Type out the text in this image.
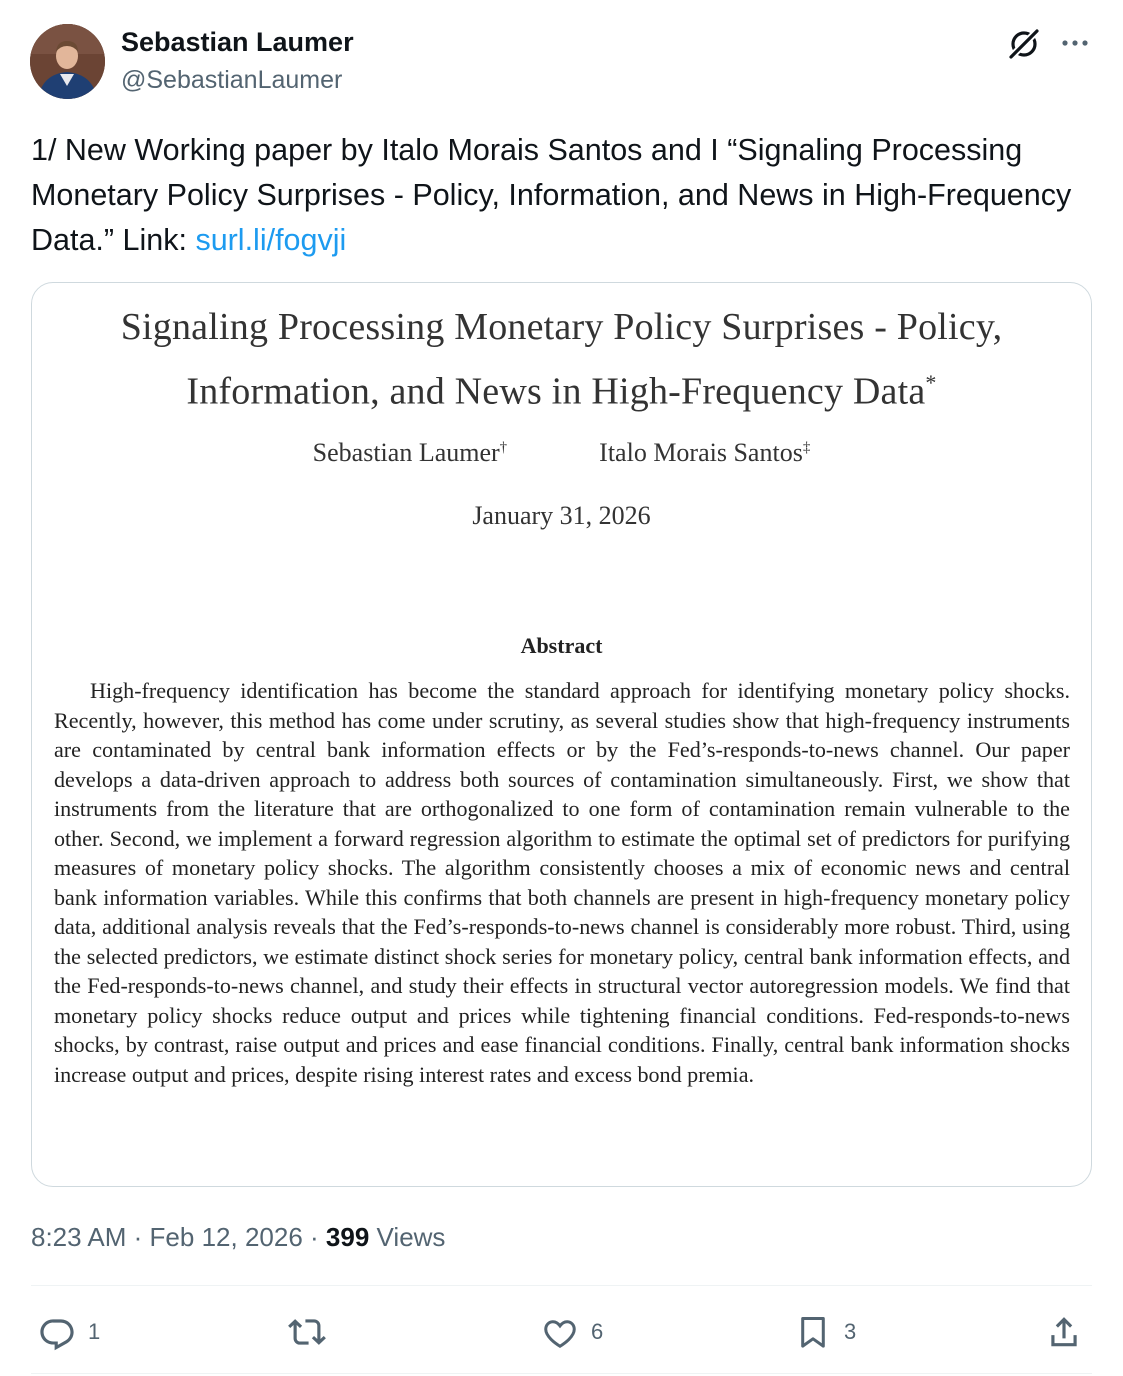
Sebastian Laumer
@SebastianLaumer
1/ New Working paper by Italo Morais Santos and I “Signaling Processing Monetary Policy Surprises - Policy, Information, and News in High-Frequency Data.” Link: surl.li/fogvji
Signaling Processing Monetary Policy Surprises - Policy, Information, and News in High-Frequency Data*
Sebastian Laumer†	Italo Morais Santos‡
January 31, 2026
Abstract
High-frequency identification has become the standard approach for identifying monetary policy shocks. Recently, however, this method has come under scrutiny, as several studies show that high-frequency instruments are contaminated by central bank information effects or by the Fed’s-responds-to-news channel. Our paper develops a data-driven approach to address both sources of contamination simultaneously. First, we show that instruments from the literature that are orthogonalized to one form of contamination remain vulnerable to the other. Second, we implement a forward regression algorithm to estimate the optimal set of predictors for purifying measures of monetary policy shocks. The algorithm consistently chooses a mix of economic news and central bank information variables. While this confirms that both channels are present in high-frequency monetary policy data, additional analysis reveals that the Fed’s-responds-to-news channel is considerably more robust. Third, using the selected predictors, we estimate distinct shock series for monetary policy, central bank information effects, and the Fed-responds-to-news channel, and study their effects in structural vector autoregression models. We find that monetary policy shocks reduce output and prices while tightening financial conditions. Fed-responds-to-news shocks, by contrast, raise output and prices and ease financial conditions. Finally, central bank information shocks increase output and prices, despite rising interest rates and excess bond premia.
8:23 AM · Feb 12, 2026 · 399 Views
1	6	3
